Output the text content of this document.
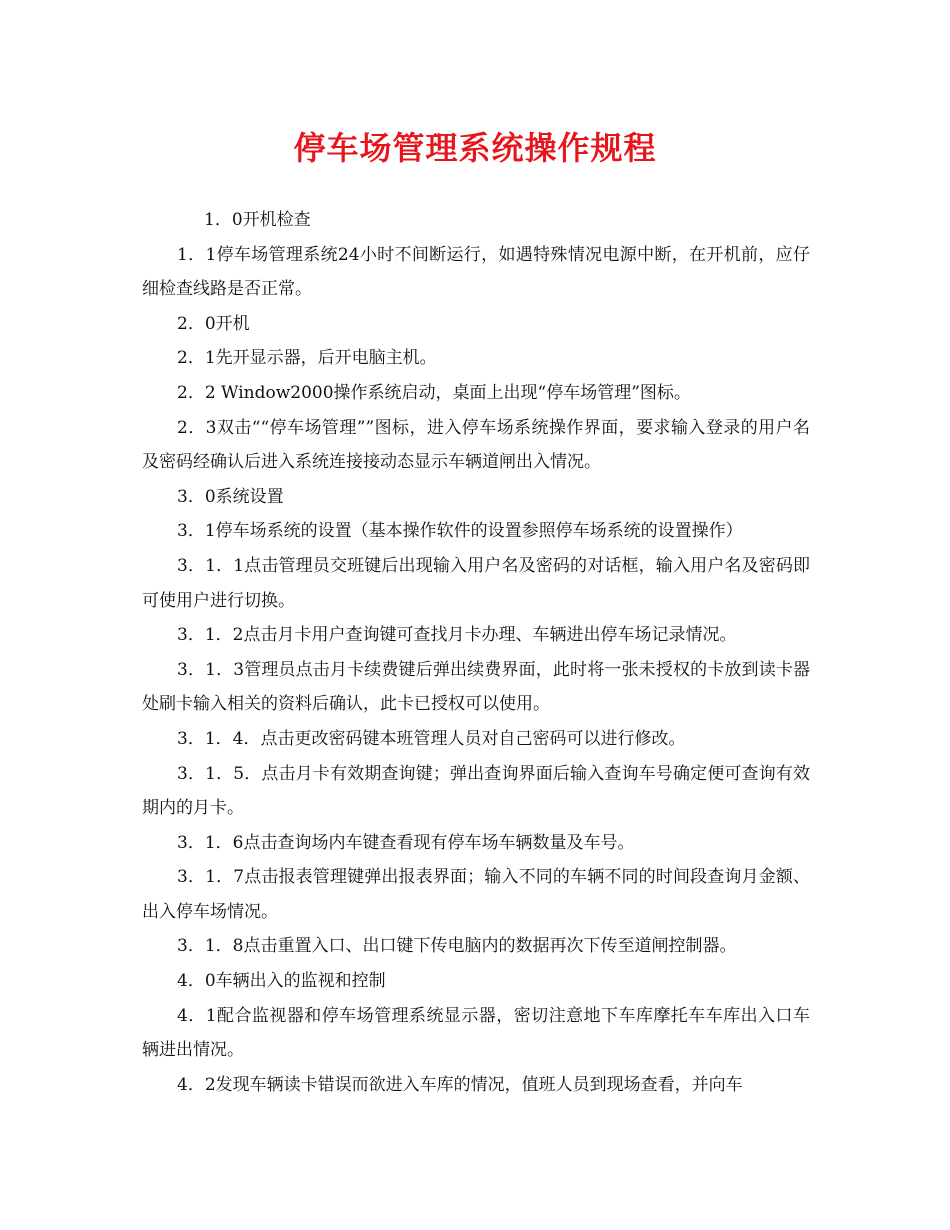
停车场管理系统操作规程

1．0开机检查

1．1停车场管理系统24小时不间断运行，如遇特殊情况电源中断，在开机前，应仔细检查线路是否正常。

2．0开机

2．1先开显示器，后开电脑主机。

2．2 Window2000操作系统启动，桌面上出现“停车场管理”图标。

2．3双击““停车场管理””图标，进入停车场系统操作界面，要求输入登录的用户名及密码经确认后进入系统连接接动态显示车辆道闸出入情况。

3．0系统设置

3．1停车场系统的设置（基本操作软件的设置参照停车场系统的设置操作）

3．1．1点击管理员交班键后出现输入用户名及密码的对话框，输入用户名及密码即可使用户进行切换。

3．1．2点击月卡用户查询键可查找月卡办理、车辆进出停车场记录情况。

3．1．3管理员点击月卡续费键后弹出续费界面，此时将一张未授权的卡放到读卡器处刷卡输入相关的资料后确认，此卡已授权可以使用。

3．1．4．点击更改密码键本班管理人员对自己密码可以进行修改。

3．1．5．点击月卡有效期查询键；弹出查询界面后输入查询车号确定便可查询有效期内的月卡。

3．1．6点击查询场内车键查看现有停车场车辆数量及车号。

3．1．7点击报表管理键弹出报表界面；输入不同的车辆不同的时间段查询月金额、出入停车场情况。

3．1．8点击重置入口、出口键下传电脑内的数据再次下传至道闸控制器。

4．0车辆出入的监视和控制

4．1配合监视器和停车场管理系统显示器，密切注意地下车库摩托车车库出入口车辆进出情况。

4．2发现车辆读卡错误而欲进入车库的情况，值班人员到现场查看，并向车
